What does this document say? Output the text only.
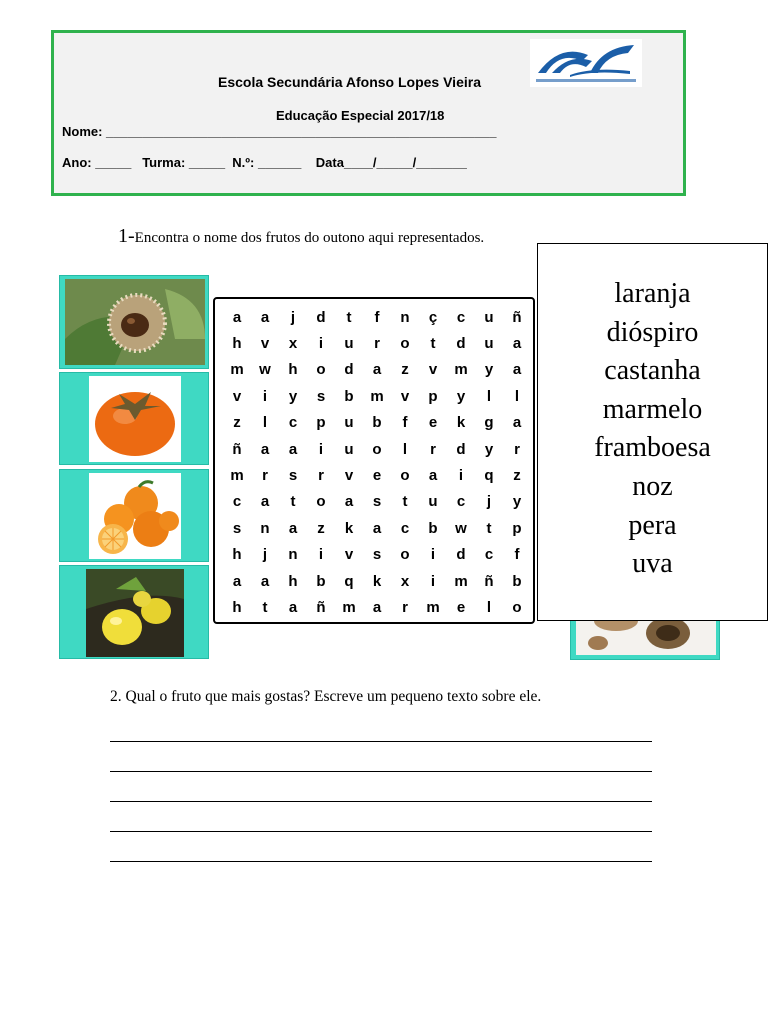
Escola Secundária Afonso Lopes Vieira
Educação Especial 2017/18
Nome: ______________________________________________________
Ano: _____   Turma: _____  N.º: ______    Data____/_____/_______
1-Encontra o nome dos frutos do outono aqui representados.
a	a	j	d	t	f	n	ç	c	u	ñ
h	v	x	i	u	r	o	t	d	u	a
m	w	h	o	d	a	z	v	m	y	a
v	i	y	s	b	m	v	p	y	l	l
z	l	c	p	u	b	f	e	k	g	a
ñ	a	a	i	u	o	l	r	d	y	r
m	r	s	r	v	e	o	a	i	q	z
c	a	t	o	a	s	t	u	c	j	y
s	n	a	z	k	a	c	b	w	t	p
h	j	n	i	v	s	o	i	d	c	f
a	a	h	b	q	k	x	i	m	ñ	b
h	t	a	ñ	m	a	r	m	e	l	o
laranja
dióspiro
castanha
marmelo
framboesa
noz
pera
uva
2. Qual o fruto que mais gostas? Escreve um pequeno texto sobre ele.
